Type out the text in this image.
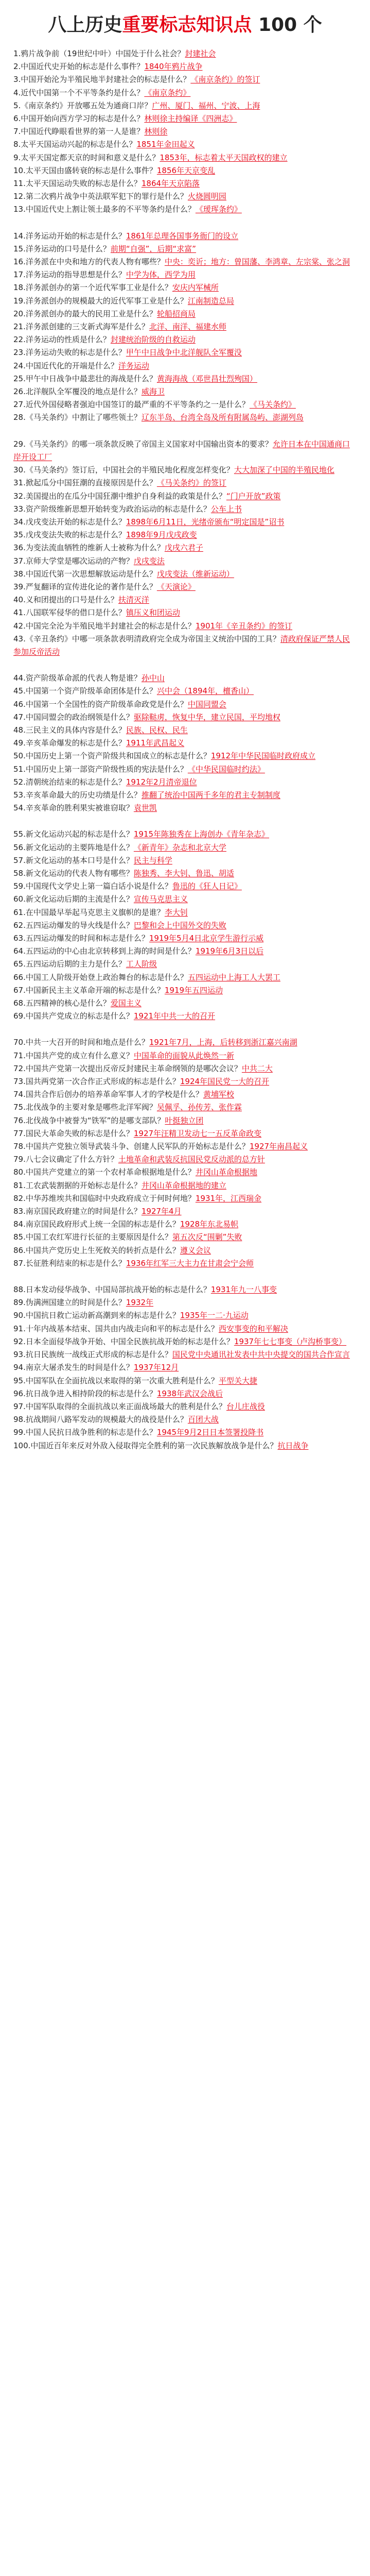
八上历史重要标志知识点 100 个
1.鸦片战争前（19世纪中叶）中国处于什么社会？封建社会
2.中国近代史开始的标志是什么事件？1840年鸦片战争
3.中国开始沦为半殖民地半封建社会的标志是什么？《南京条约》的签订
4.近代中国第一个不平等条约是什么？《南京条约》
5.《南京条约》开放哪五处为通商口岸？广州、厦门、福州、宁波、上海
6.中国开始向西方学习的标志是什么？林则徐主持编译《四洲志》
7.中国近代睁眼看世界的第一人是谁？林则徐
8.太平天国运动兴起的标志是什么？1851年金田起义
9.太平天国定都天京的时间和意义是什么？1853年，标志着太平天国政权的建立
10.太平天国由盛转衰的标志是什么事件？1856年天京变乱
11.太平天国运动失败的标志是什么？1864年天京陷落
12.第二次鸦片战争中英法联军犯下的罪行是什么？火烧圆明园
13.中国近代史上割让领土最多的不平等条约是什么？《瑷珲条约》
14.洋务运动开始的标志是什么？1861年总理各国事务衙门的设立
15.洋务运动的口号是什么？前期“自强”，后期“求富”
16.洋务派在中央和地方的代表人物有哪些？中央：奕䜣；地方：曾国藩、李鸿章、左宗棠、张之洞
17.洋务运动的指导思想是什么？中学为体，西学为用
18.洋务派创办的第一个近代军事工业是什么？安庆内军械所
19.洋务派创办的规模最大的近代军事工业是什么？江南制造总局
20.洋务派创办的最大的民用工业是什么？轮船招商局
21.洋务派创建的三支新式海军是什么？北洋、南洋、福建水师
22.洋务运动的性质是什么？封建统治阶级的自救运动
23.洋务运动失败的标志是什么？甲午中日战争中北洋舰队全军覆没
24.中国近代化的开端是什么？洋务运动
25.甲午中日战争中最悲壮的海战是什么？黄海海战（邓世昌壮烈殉国）
26.北洋舰队全军覆没的地点是什么？威海卫
27.近代外国侵略者强迫中国签订的最严重的不平等条约之一是什么？《马关条约》
28.《马关条约》中割让了哪些领土？辽东半岛、台湾全岛及所有附属岛屿、澎湖列岛
29.《马关条约》的哪一项条款反映了帝国主义国家对中国输出资本的要求？允许日本在中国通商口岸开设工厂
30.《马关条约》签订后，中国社会的半殖民地化程度怎样变化？大大加深了中国的半殖民地化
31.掀起瓜分中国狂潮的直接原因是什么？《马关条约》的签订
32.美国提出的在瓜分中国狂潮中维护自身利益的政策是什么？“门户开放”政策
33.资产阶级维新思想开始转变为政治运动的标志是什么？公车上书
34.戊戌变法开始的标志是什么？1898年6月11日，光绪帝颁布“明定国是”诏书
35.戊戌变法失败的标志是什么？1898年9月戊戌政变
36.为变法流血牺牲的维新人士被称为什么？戊戌六君子
37.京师大学堂是哪次运动的产物？戊戌变法
38.中国近代第一次思想解放运动是什么？戊戌变法（维新运动）
39.严复翻译的宣传进化论的著作是什么？《天演论》
40.义和团提出的口号是什么？扶清灭洋
41.八国联军侵华的借口是什么？镇压义和团运动
42.中国完全沦为半殖民地半封建社会的标志是什么？1901年《辛丑条约》的签订
43.《辛丑条约》中哪一项条款表明清政府完全成为帝国主义统治中国的工具？清政府保证严禁人民参加反帝活动
44.资产阶级革命派的代表人物是谁？孙中山
45.中国第一个资产阶级革命团体是什么？兴中会（1894年，檀香山）
46.中国第一个全国性的资产阶级革命政党是什么？中国同盟会
47.中国同盟会的政治纲领是什么？驱除鞑虏，恢复中华，建立民国，平均地权
48.三民主义的具体内容是什么？民族、民权、民生
49.辛亥革命爆发的标志是什么？1911年武昌起义
50.中国历史上第一个资产阶级共和国成立的标志是什么？1912年中华民国临时政府成立
51.中国历史上第一部资产阶级性质的宪法是什么？《中华民国临时约法》
52.清朝统治结束的标志是什么？1912年2月清帝退位
53.辛亥革命最大的历史功绩是什么？推翻了统治中国两千多年的君主专制制度
54.辛亥革命的胜利果实被谁窃取？袁世凯
55.新文化运动兴起的标志是什么？1915年陈独秀在上海创办《青年杂志》
56.新文化运动的主要阵地是什么？《新青年》杂志和北京大学
57.新文化运动的基本口号是什么？民主与科学
58.新文化运动的代表人物有哪些？陈独秀、李大钊、鲁迅、胡适
59.中国现代文学史上第一篇白话小说是什么？鲁迅的《狂人日记》
60.新文化运动后期的主流是什么？宣传马克思主义
61.在中国最早举起马克思主义旗帜的是谁？李大钊
62.五四运动爆发的导火线是什么？巴黎和会上中国外交的失败
63.五四运动爆发的时间和标志是什么？1919年5月4日北京学生游行示威
64.五四运动的中心由北京转移到上海的时间是什么？1919年6月3日以后
65.五四运动后期的主力是什么？工人阶级
66.中国工人阶级开始登上政治舞台的标志是什么？五四运动中上海工人大罢工
67.中国新民主主义革命开端的标志是什么？1919年五四运动
68.五四精神的核心是什么？爱国主义
69.中国共产党成立的标志是什么？1921年中共一大的召开
70.中共一大召开的时间和地点是什么？1921年7月，上海，后转移到浙江嘉兴南湖
71.中国共产党的成立有什么意义？中国革命的面貌从此焕然一新
72.中国共产党第一次提出反帝反封建民主革命纲领的是哪次会议？中共二大
73.国共两党第一次合作正式形成的标志是什么？1924年国民党一大的召开
74.国共合作后创办的培养革命军事人才的学校是什么？黄埔军校
75.北伐战争的主要对象是哪些北洋军阀？吴佩孚、孙传芳、张作霖
76.北伐战争中被誉为“铁军”的是哪支部队？叶挺独立团
77.国民大革命失败的标志是什么？1927年汪精卫发动七一五反革命政变
78.中国共产党独立领导武装斗争、创建人民军队的开始标志是什么？1927年南昌起义
79.八七会议确定了什么方针？土地革命和武装反抗国民党反动派的总方针
80.中国共产党建立的第一个农村革命根据地是什么？井冈山革命根据地
81.工农武装割据的开始标志是什么？井冈山革命根据地的建立
82.中华苏维埃共和国临时中央政府成立于何时何地？1931年，江西瑞金
83.南京国民政府建立的时间是什么？1927年4月
84.南京国民政府形式上统一全国的标志是什么？1928年东北易帜
85.中国工农红军进行长征的主要原因是什么？第五次反“围剿”失败
86.中国共产党历史上生死攸关的转折点是什么？遵义会议
87.长征胜利结束的标志是什么？1936年红军三大主力在甘肃会宁会师
88.日本发动侵华战争、中国局部抗战开始的标志是什么？1931年九一八事变
89.伪满洲国建立的时间是什么？1932年
90.中国抗日救亡运动新高潮到来的标志是什么？1935年一二·九运动
91.十年内战基本结束、国共由内战走向和平的标志是什么？西安事变的和平解决
92.日本全面侵华战争开始、中国全民族抗战开始的标志是什么？1937年七七事变（卢沟桥事变）
93.抗日民族统一战线正式形成的标志是什么？国民党中央通讯社发表中共中央提交的国共合作宣言
94.南京大屠杀发生的时间是什么？1937年12月
95.中国军队在全面抗战以来取得的第一次重大胜利是什么？平型关大捷
96.抗日战争进入相持阶段的标志是什么？1938年武汉会战后
97.中国军队取得的全面抗战以来正面战场最大的胜利是什么？台儿庄战役
98.抗战期间八路军发动的规模最大的战役是什么？百团大战
99.中国人民抗日战争胜利的标志是什么？1945年9月2日日本签署投降书
100.中国近百年来反对外敌入侵取得完全胜利的第一次民族解放战争是什么？抗日战争
